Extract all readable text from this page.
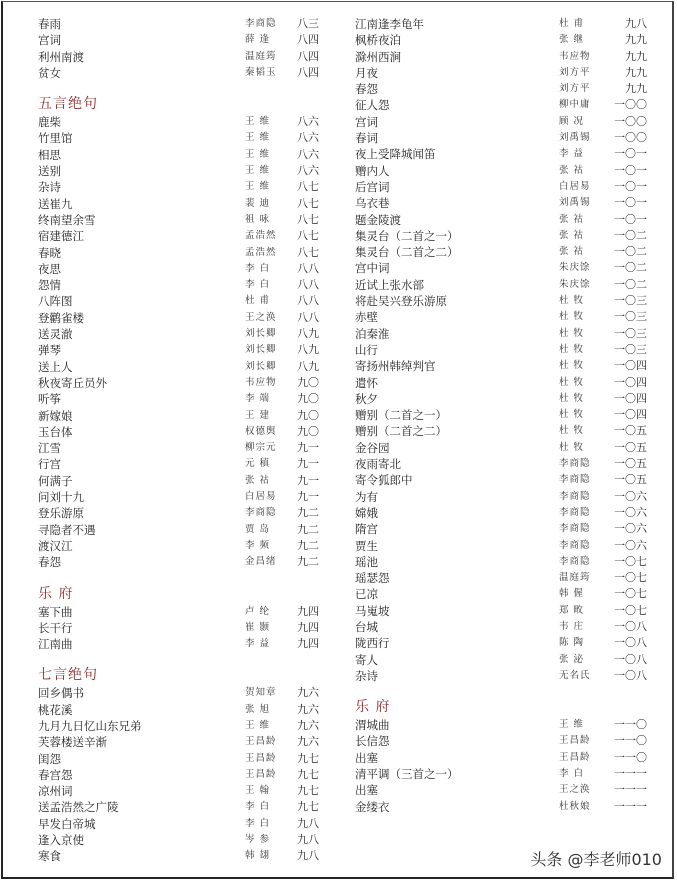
春雨	李商隐 八三
宫词	薛 逢 八四
利州南渡	温庭筠 八四
贫女	秦韬玉 八四
五言绝句
鹿柴	王 维 八六
竹里馆	王 维 八六
相思	王 维 八六
送别	王 维 八六
杂诗	王 维 八七
送崔九	裴 迪 八七
终南望余雪	祖 咏 八七
宿建德江	孟浩然 八七
春晓	孟浩然 八七
夜思	李 白 八八
怨情	李 白 八八
八阵图	杜 甫 八八
登鹳雀楼	王之涣 八八
送灵澈	刘长卿 八九
弹琴	刘长卿 八九
送上人	刘长卿 八九
秋夜寄丘员外	韦应物 九〇
听筝	李 端 九〇
新嫁娘	王 建 九〇
玉台体	权德舆 九〇
江雪	柳宗元 九一
行宫	元 稹 九一
何满子	张 祜 九一
问刘十九	白居易 九一
登乐游原	李商隐 九二
寻隐者不遇	贾 岛 九二
渡汉江	李 频 九二
春怨	金昌绪 九二
乐 府
塞下曲	卢 纶 九四
长干行	崔 颢 九四
江南曲	李 益 九四
七言绝句
回乡偶书	贺知章 九六
桃花溪	张 旭 九六
九月九日忆山东兄弟	王 维 九六
芙蓉楼送辛渐	王昌龄 九六
闺怨	王昌龄 九七
春宫怨	王昌龄 九七
凉州词	王 翰 九七
送孟浩然之广陵	李 白 九七
早发白帝城	李 白 九八
逢入京使	岑 参 九八
寒食	韩 翃 九八
江南逢李龟年	杜 甫	九八
枫桥夜泊	张 继	九九
滁州西涧	韦应物	九九
月夜	刘方平	九九
春怨	刘方平	九九
征人怨	柳中庸 一〇〇
宫词	顾 况	一〇〇
春词	刘禹锡 一〇〇
夜上受降城闻笛	李 益	一〇一
赠内人	张 祜	一〇一
后宫词	白居易 一〇一
乌衣巷	刘禹锡 一〇一
题金陵渡	张 祜	一〇一
集灵台（二首之一）	张 祜	一〇二
集灵台（二首之二）	张 祜	一〇二
宫中词	朱庆馀 一〇二
近试上张水部	朱庆馀 一〇二
将赴吴兴登乐游原	杜 牧	一〇三
赤壁	杜 牧	一〇三
泊秦淮	杜 牧	一〇三
山行	杜 牧	一〇三
寄扬州韩绰判官	杜 牧	一〇四
遣怀	杜 牧	一〇四
秋夕	杜 牧	一〇四
赠别（二首之一）	杜 牧	一〇四
赠别（二首之二）	杜 牧	一〇五
金谷园	杜 牧	一〇五
夜雨寄北	李商隐 一〇五
寄令狐郎中	李商隐 一〇五
为有	李商隐 一〇六
嫦娥	李商隐 一〇六
隋宫	李商隐 一〇六
贾生	李商隐 一〇六
瑶池	李商隐 一〇七
瑶瑟怨	温庭筠 一〇七
已凉	韩 偓	一〇七
马嵬坡	郑 畋	一〇七
台城	韦 庄	一〇八
陇西行	陈 陶	一〇八
寄人	张 泌	一〇八
杂诗	无名氏 一〇八
乐 府
渭城曲	王 维	一一〇
长信怨	王昌龄 一一〇
出塞	王昌龄 一一〇
清平调（三首之一）	李 白	一一一
出塞	王之涣 一一一
金缕衣	杜秋娘 一一一
头条 @李老师010
